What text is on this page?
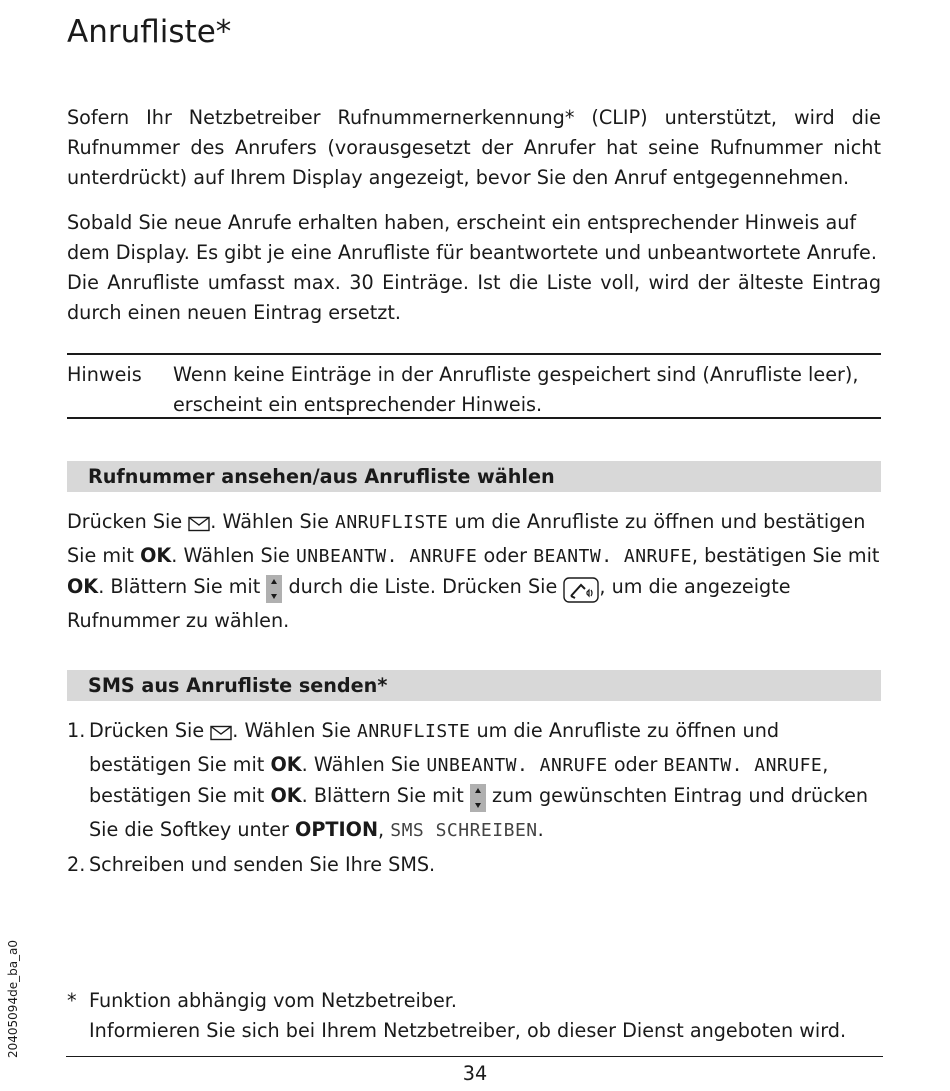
Anrufliste*

Sofern Ihr Netzbetreiber Rufnummernerkennung* (CLIP) unterstützt, wird die Rufnummer des Anrufers (vorausgesetzt der Anrufer hat seine Rufnummer nicht unterdrückt) auf Ihrem Display angezeigt, bevor Sie den Anruf entgegennehmen.

Sobald Sie neue Anrufe erhalten haben, erscheint ein entsprechender Hinweis auf dem Display. Es gibt je eine Anrufliste für beantwortete und unbeantwortete Anrufe.

Die Anrufliste umfasst max. 30 Einträge. Ist die Liste voll, wird der älteste Eintrag durch einen neuen Eintrag ersetzt.

Hinweis Wenn keine Einträge in der Anrufliste gespeichert sind (Anrufliste leer), erscheint ein entsprechender Hinweis.
Rufnummer ansehen/aus Anrufliste wählen

Drücken Sie . Wählen Sie ANRUFLISTE um die Anrufliste zu öffnen und bestätigen Sie mit OK. Wählen Sie UNBEANTW. ANRUFE oder BEANTW. ANRUFE, bestätigen Sie mit OK. Blättern Sie mit durch die Liste. Drücken Sie , um die angezeigte Rufnummer zu wählen.

SMS aus Anrufliste senden*
1. Drücken Sie . Wählen Sie ANRUFLISTE um die Anrufliste zu öffnen und bestätigen Sie mit OK. Wählen Sie UNBEANTW. ANRUFE oder BEANTW. ANRUFE, bestätigen Sie mit OK. Blättern Sie mit zum gewünschten Eintrag und drücken Sie die Softkey unter OPTION, SMS SCHREIBEN.
2. Schreiben und senden Sie Ihre SMS.
* Funktion abhängig vom Netzbetreiber.
Informieren Sie sich bei Ihrem Netzbetreiber, ob dieser Dienst angeboten wird.
34
20405094de_ba_a0
